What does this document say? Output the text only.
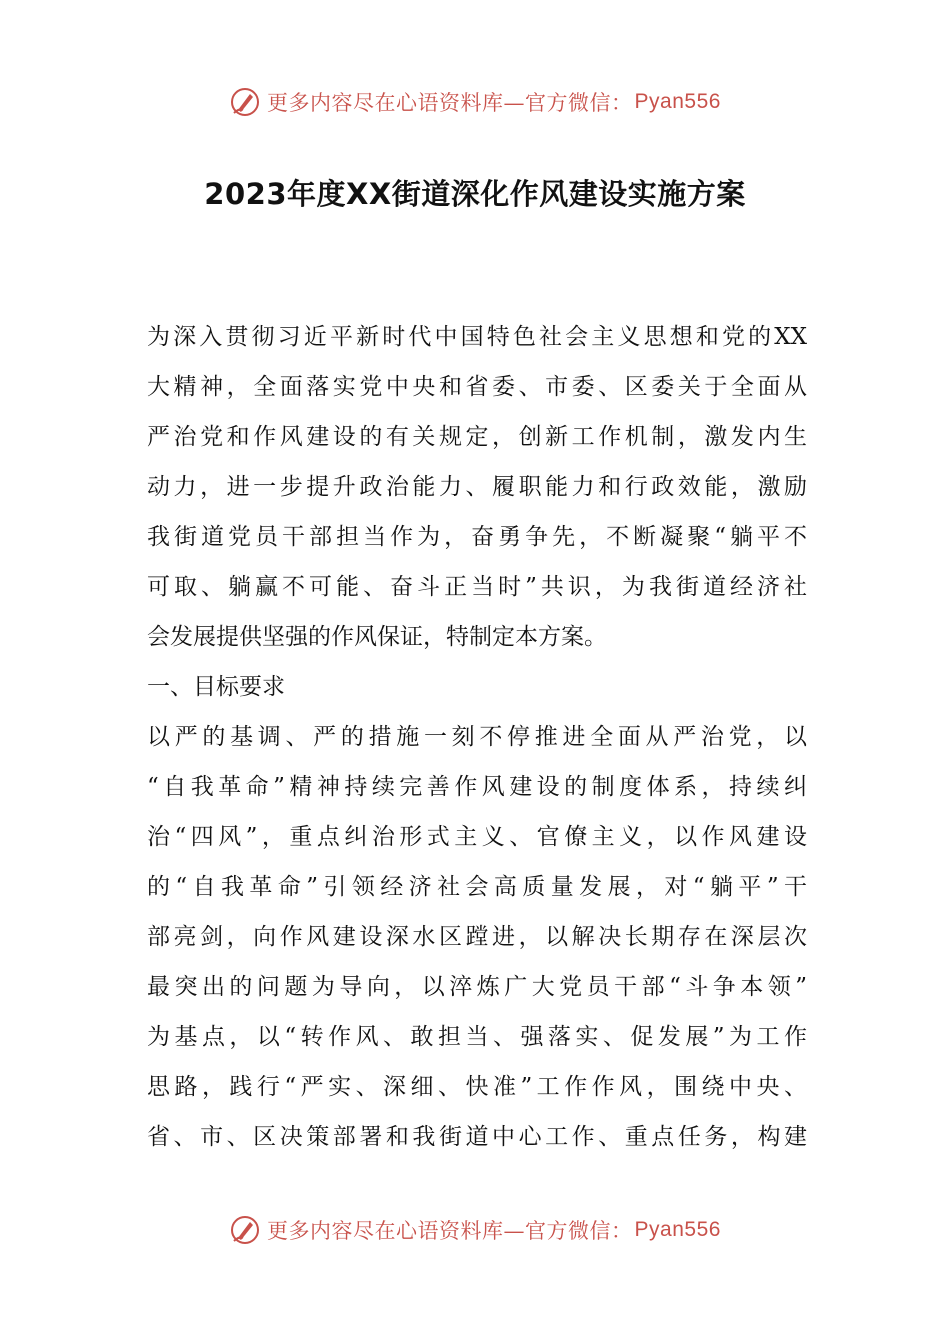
更多内容尽在心语资料库—官方微信： Pyan556
2023年度XX街道深化作风建设实施方案
为深入贯彻习近平新时代中国特色社会主义思想和党的XX
大精神，全面落实党中央和省委、市委、区委关于全面从
严治党和作风建设的有关规定，创新工作机制，激发内生
动力，进一步提升政治能力、履职能力和行政效能，激励
我街道党员干部担当作为，奋勇争先，不断凝聚“躺平不
可取、躺赢不可能、奋斗正当时”共识，为我街道经济社
会发展提供坚强的作风保证，特制定本方案。
一、目标要求
以严的基调、严的措施一刻不停推进全面从严治党，以
“自我革命”精神持续完善作风建设的制度体系，持续纠
治“四风”，重点纠治形式主义、官僚主义，以作风建设
的“自我革命”引领经济社会高质量发展，对“躺平”干
部亮剑，向作风建设深水区蹚进，以解决长期存在深层次
最突出的问题为导向，以淬炼广大党员干部“斗争本领”
为基点，以“转作风、敢担当、强落实、促发展”为工作
思路，践行“严实、深细、快准”工作作风，围绕中央、
省、市、区决策部署和我街道中心工作、重点任务，构建
更多内容尽在心语资料库—官方微信： Pyan556
